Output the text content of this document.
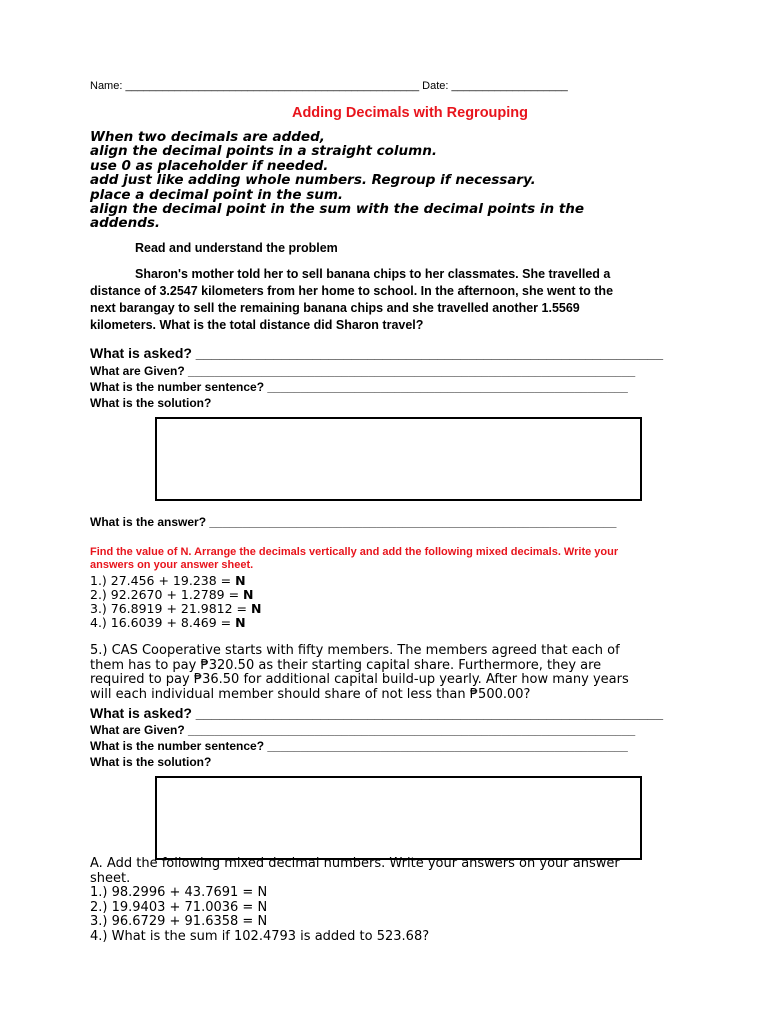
Name: ________________________________________________ Date: ___________________
Adding Decimals with Regrouping
When two decimals are added,
align the decimal points in a straight column.
use 0 as placeholder if needed.
add just like adding whole numbers. Regroup if necessary.
place a decimal point in the sum.
align the decimal point in the sum with the decimal points in the
addends.
Read and understand the problem
Sharon's mother told her to sell banana chips to her classmates. She travelled a
distance of 3.2547 kilometers from her home to school. In the afternoon, she went to the
next barangay to sell the remaining banana chips and she travelled another 1.5569
kilometers. What is the total distance did Sharon travel?
What is asked? ____________________________________________________________
What are Given? ___________________________________________________________________
What is the number sentence? ______________________________________________________
What is the solution?
What is the answer? _____________________________________________________________
Find the value of N. Arrange the decimals vertically and add the following mixed decimals. Write your
answers on your answer sheet.
1.) 27.456 + 19.238 = N
2.) 92.2670 + 1.2789 = N
3.) 76.8919 + 21.9812 = N
4.) 16.6039 + 8.469 = N
5.) CAS Cooperative starts with fifty members. The members agreed that each of
them has to pay ₱320.50 as their starting capital share. Furthermore, they are
required to pay ₱36.50 for additional capital build-up yearly. After how many years
will each individual member should share of not less than ₱500.00?
What is asked? ____________________________________________________________
What are Given? ___________________________________________________________________
What is the number sentence? ______________________________________________________
What is the solution?
A. Add the following mixed decimal numbers. Write your answers on your answer
sheet.
1.) 98.2996 + 43.7691 = N
2.) 19.9403 + 71.0036 = N
3.) 96.6729 + 91.6358 = N
4.) What is the sum if 102.4793 is added to 523.68?
